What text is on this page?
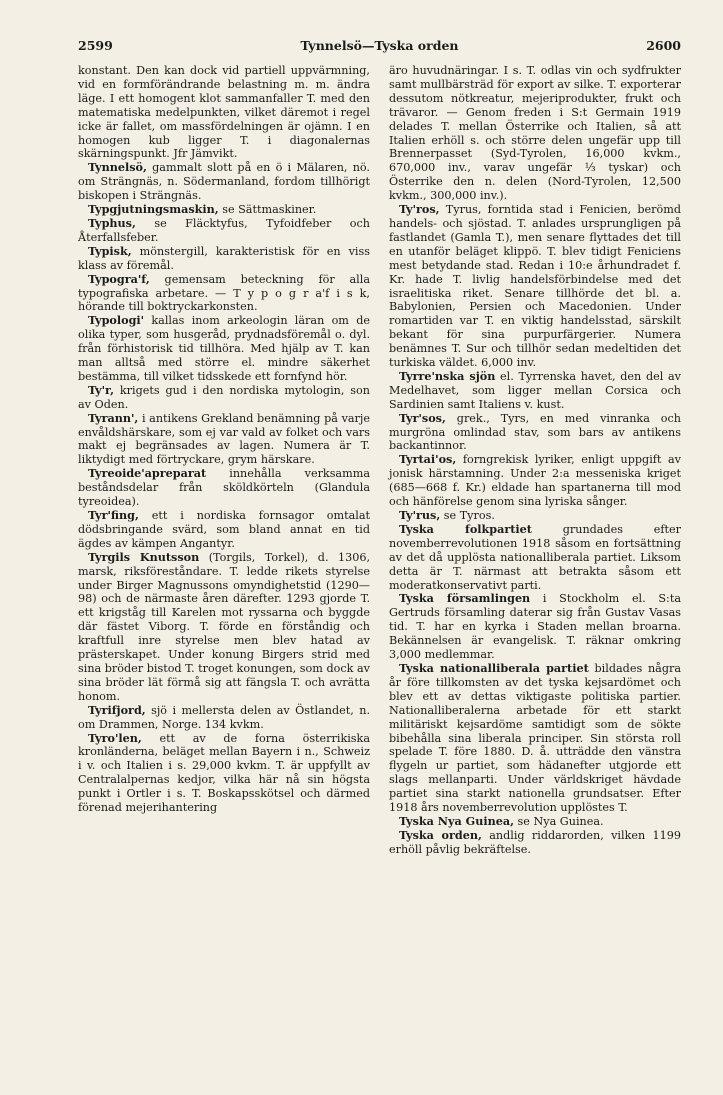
2599	Tynnelsö—Tyska orden	2600

konstant. Den kan dock vid partiell uppvärmning, vid en formförändrande belastning m. m. ändra läge. I ett homogent klot sammanfaller T. med den matematiska medelpunkten, vilket däremot i regel icke är fallet, om massfördelningen är ojämn. I en homogen kub ligger T. i diagonalernas skärningspunkt. Jfr Jämvikt.

Tynnelsö, gammalt slott på en ö i Mälaren, nö. om Strängnäs, n. Södermanland, fordom tillhörigt biskopen i Strängnäs.

Typgjutningsmaskin, se Sättmaskiner.

Typhus, se Fläcktyfus, Tyfoidfeber och Återfallsfeber.

Typisk, mönstergill, karakteristisk för en viss klass av föremål.

Typogra'f, gemensam beteckning för alla typografiska arbetare. — T y p o g r a'f i s k, hörande till boktryckarkonsten.

Typologi' kallas inom arkeologin läran om de olika typer, som husgeråd, prydnadsföremål o. dyl. från förhistorisk tid tillhöra. Med hjälp av T. kan man alltså med större el. mindre säkerhet bestämma, till vilket tidsskede ett fornfynd hör.

Ty'r, krigets gud i den nordiska mytologin, son av Oden.

Tyrann', i antikens Grekland benämning på varje envåldshärskare, som ej var vald av folket och vars makt ej begränsades av lagen. Numera är T. liktydigt med förtryckare, grym härskare.

Tyreoide'apreparat innehålla verksamma beståndsdelar från sköldkörteln (Glandula tyreoidea).

Tyr'fing, ett i nordiska fornsagor omtalat dödsbringande svärd, som bland annat en tid ägdes av kämpen Angantyr.

Tyrgils Knutsson (Torgils, Torkel), d. 1306, marsk, riksföreståndare. T. ledde rikets styrelse under Birger Magnussons omyndighetstid (1290—98) och de närmaste åren därefter. 1293 gjorde T. ett krigståg till Karelen mot ryssarna och byggde där fästet Viborg. T. förde en förståndig och kraftfull inre styrelse men blev hatad av prästerskapet. Under konung Birgers strid med sina bröder bistod T. troget konungen, som dock av sina bröder lät förmå sig att fängsla T. och avrätta honom.

Tyrifjord, sjö i mellersta delen av Östlandet, n. om Drammen, Norge. 134 kvkm.

Tyro'len, ett av de forna österrikiska kronländerna, beläget mellan Bayern i n., Schweiz i v. och Italien i s. 29,000 kvkm. T. är uppfyllt av Centralalpernas kedjor, vilka här nå sin högsta punkt i Ortler i s. T. Boskapsskötsel och därmed förenad mejerihantering

äro huvudnäringar. I s. T. odlas vin och sydfrukter samt mullbärsträd för export av silke. T. exporterar dessutom nötkreatur, mejeriprodukter, frukt och trävaror. — Genom freden i S:t Germain 1919 delades T. mellan Österrike och Italien, så att Italien erhöll s. och större delen ungefär upp till Brennerpasset (Syd-Tyrolen, 16,000 kvkm., 670,000 inv., varav ungefär ⅓ tyskar) och Österrike den n. delen (Nord-Tyrolen, 12,500 kvkm., 300,000 inv.).

Ty'ros, Tyrus, forntida stad i Fenicien, berömd handels- och sjöstad. T. anlades ursprungligen på fastlandet (Gamla T.), men senare flyttades det till en utanför beläget klippö. T. blev tidigt Feniciens mest betydande stad. Redan i 10:e århundradet f. Kr. hade T. livlig handelsförbindelse med det israelitiska riket. Senare tillhörde det bl. a. Babylonien, Persien och Macedonien. Under romartiden var T. en viktig handelsstad, särskilt bekant för sina purpurfärgerier. Numera benämnes T. Sur och tillhör sedan medeltiden det turkiska väldet. 6,000 inv.

Tyrre'nska sjön el. Tyrrenska havet, den del av Medelhavet, som ligger mellan Corsica och Sardinien samt Italiens v. kust.

Tyr'sos, grek., Tyrs, en med vinranka och murgröna omlindad stav, som bars av antikens backantinnor.

Tyrtai'os, forngrekisk lyriker, enligt uppgift av jonisk härstamning. Under 2:a messeniska kriget (685—668 f. Kr.) eldade han spartanerna till mod och hänförelse genom sina lyriska sånger.

Ty'rus, se Tyros.

Tyska folkpartiet grundades efter novemberrevolutionen 1918 såsom en fortsättning av det då upplösta nationalliberala partiet. Liksom detta är T. närmast att betrakta såsom ett moderatkonservativt parti.

Tyska församlingen i Stockholm el. S:ta Gertruds församling daterar sig från Gustav Vasas tid. T. har en kyrka i Staden mellan broarna. Bekännelsen är evangelisk. T. räknar omkring 3,000 medlemmar.

Tyska nationalliberala partiet bildades några år före tillkomsten av det tyska kejsardömet och blev ett av dettas viktigaste politiska partier. Nationalliberalerna arbetade för ett starkt militäriskt kejsardöme samtidigt som de sökte bibehålla sina liberala principer. Sin största roll spelade T. före 1880. D. å. utträdde den vänstra flygeln ur partiet, som hädanefter utgjorde ett slags mellanparti. Under världskriget hävdade partiet sina starkt nationella grundsatser. Efter 1918 års novemberrevolution upplöstes T.

Tyska Nya Guinea, se Nya Guinea.

Tyska orden, andlig riddarorden, vilken 1199 erhöll påvlig bekräftelse.
